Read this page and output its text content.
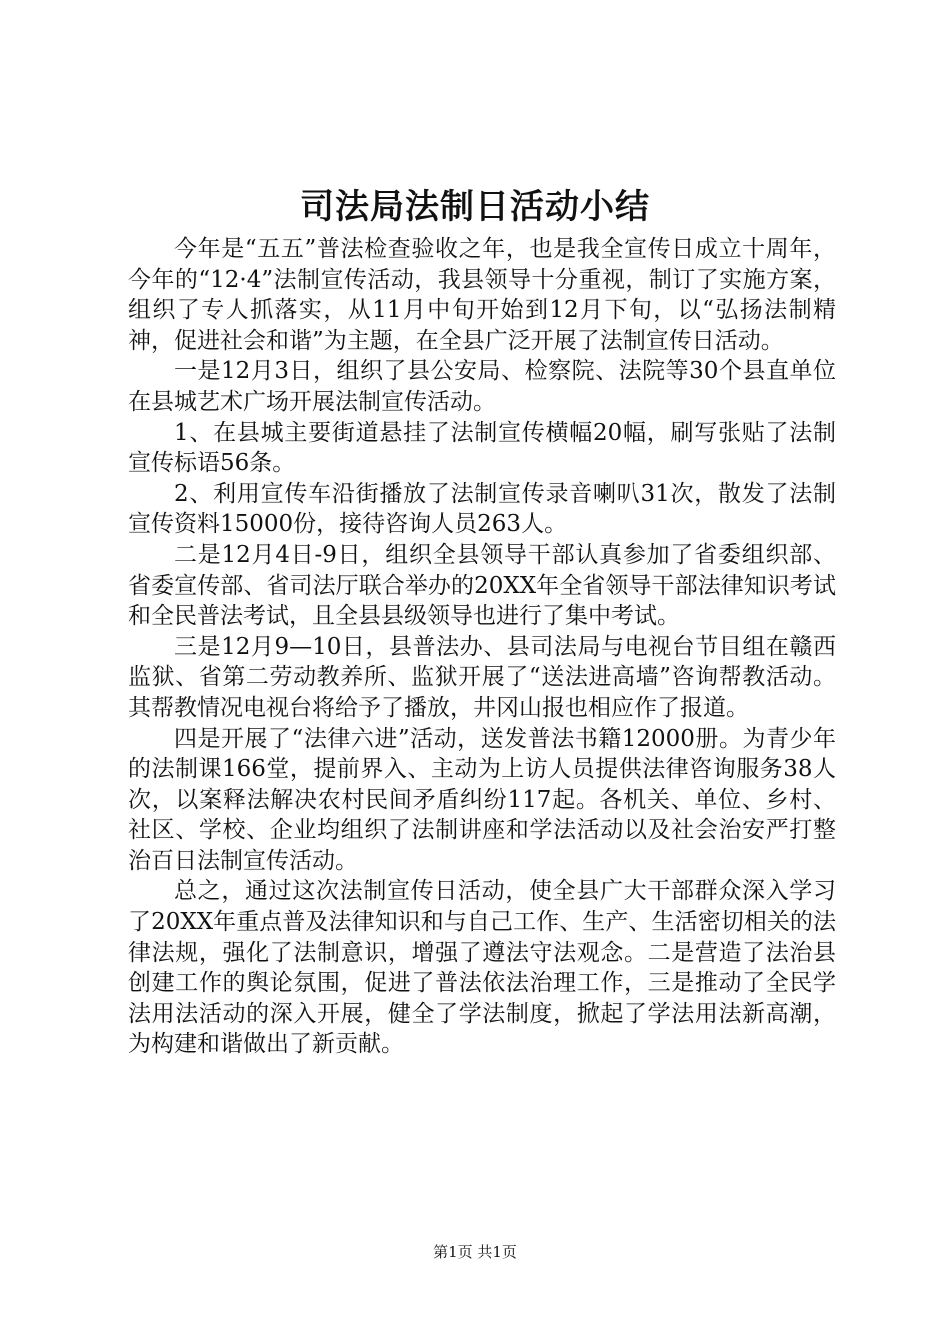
司法局法制日活动小结

今年是“五五”普法检查验收之年，也是我全宣传日成立十周年，今年的“12·4”法制宣传活动，我县领导十分重视，制订了实施方案，组织了专人抓落实，从11月中旬开始到12月下旬，以“弘扬法制精神，促进社会和谐”为主题，在全县广泛开展了法制宣传日活动。

一是12月3日，组织了县公安局、检察院、法院等30个县直单位在县城艺术广场开展法制宣传活动。

1、在县城主要街道悬挂了法制宣传横幅20幅，刷写张贴了法制宣传标语56条。

2、利用宣传车沿街播放了法制宣传录音喇叭31次，散发了法制宣传资料15000份，接待咨询人员263人。

二是12月4日-9日，组织全县领导干部认真参加了省委组织部、省委宣传部、省司法厅联合举办的20XX年全省领导干部法律知识考试和全民普法考试，且全县县级领导也进行了集中考试。

三是12月9—10日，县普法办、县司法局与电视台节目组在赣西监狱、省第二劳动教养所、监狱开展了“送法进高墙”咨询帮教活动。其帮教情况电视台将给予了播放，井冈山报也相应作了报道。

四是开展了“法律六进”活动，送发普法书籍12000册。为青少年的法制课166堂，提前界入、主动为上访人员提供法律咨询服务38人次，以案释法解决农村民间矛盾纠纷117起。各机关、单位、乡村、社区、学校、企业均组织了法制讲座和学法活动以及社会治安严打整治百日法制宣传活动。

总之，通过这次法制宣传日活动，使全县广大干部群众深入学习了20XX年重点普及法律知识和与自己工作、生产、生活密切相关的法律法规，强化了法制意识，增强了遵法守法观念。二是营造了法治县创建工作的舆论氛围，促进了普法依法治理工作，三是推动了全民学法用法活动的深入开展，健全了学法制度，掀起了学法用法新高潮，为构建和谐做出了新贡献。

第1页 共1页
